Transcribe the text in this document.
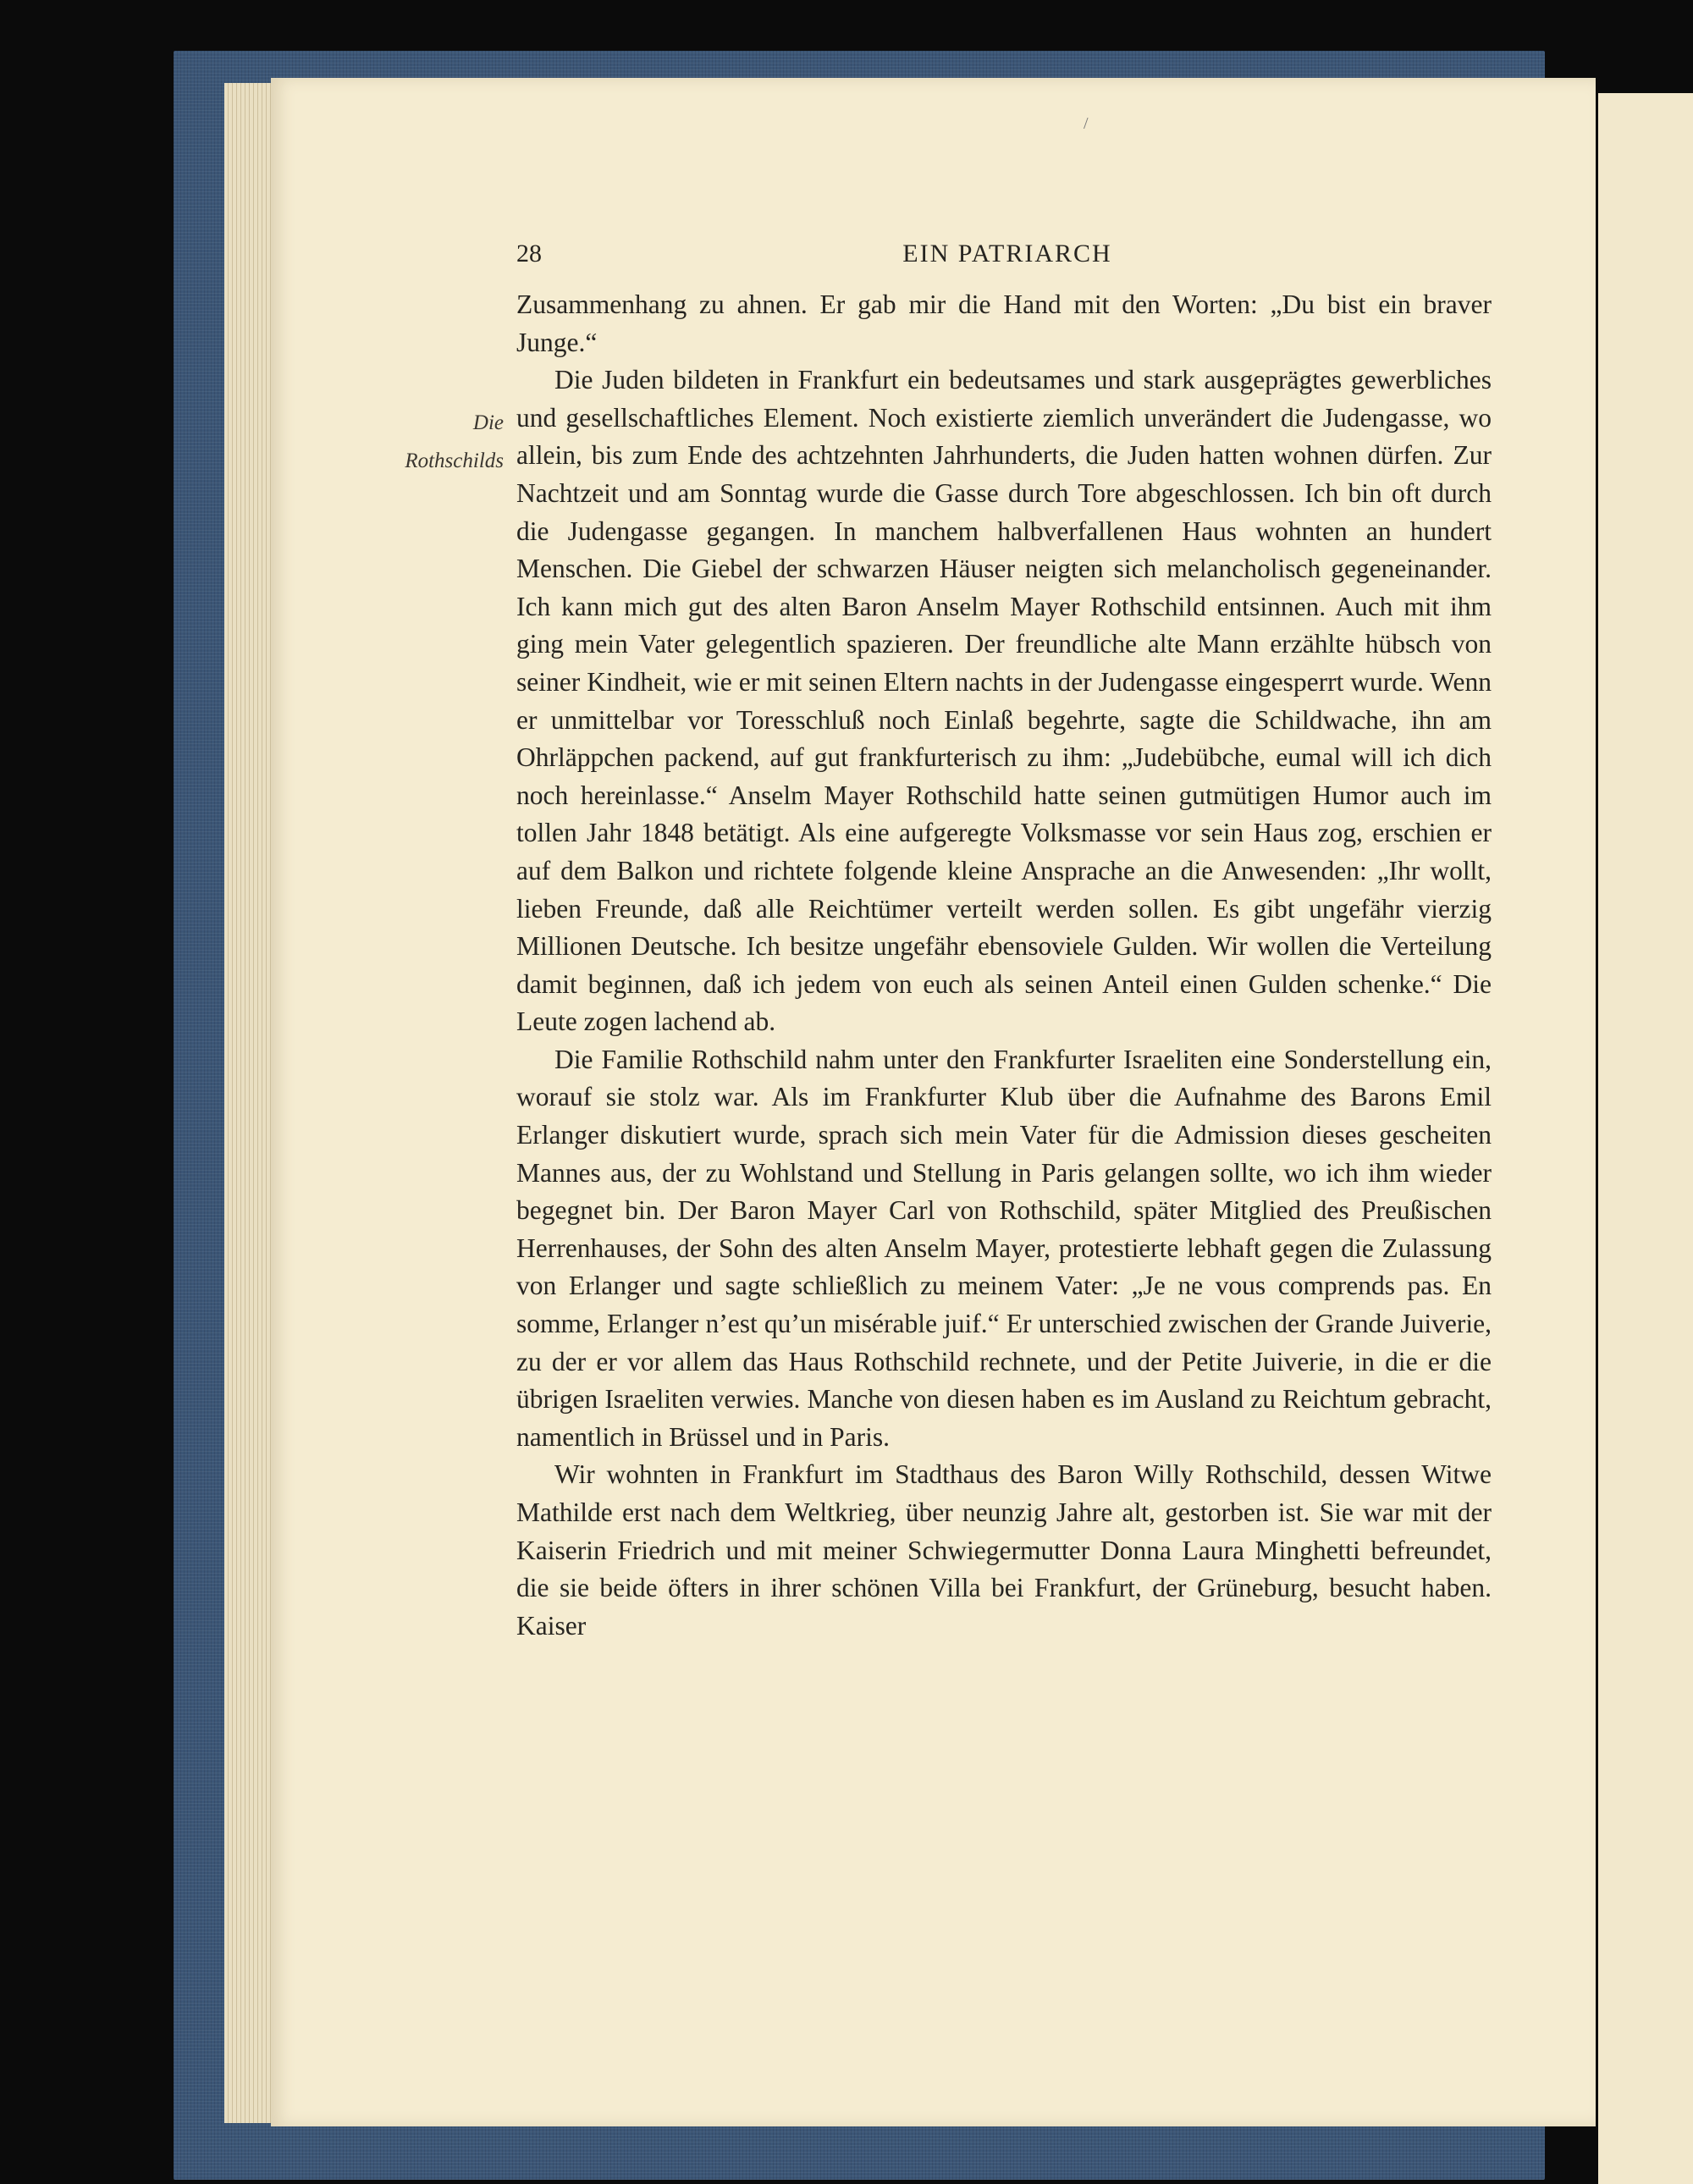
/
28	EIN PATRIARCH
Die
Rothschilds

Zusammenhang zu ahnen. Er gab mir die Hand mit den Worten: „Du bist ein braver Junge.“

Die Juden bildeten in Frankfurt ein bedeutsames und stark ausgeprägtes gewerbliches und gesellschaftliches Element. Noch existierte ziemlich unverändert die Judengasse, wo allein, bis zum Ende des achtzehnten Jahrhunderts, die Juden hatten wohnen dürfen. Zur Nachtzeit und am Sonntag wurde die Gasse durch Tore abgeschlossen. Ich bin oft durch die Judengasse gegangen. In manchem halbverfallenen Haus wohnten an hundert Menschen. Die Giebel der schwarzen Häuser neigten sich melancholisch gegeneinander. Ich kann mich gut des alten Baron Anselm Mayer Rothschild entsinnen. Auch mit ihm ging mein Vater gelegentlich spazieren. Der freundliche alte Mann erzählte hübsch von seiner Kindheit, wie er mit seinen Eltern nachts in der Judengasse eingesperrt wurde. Wenn er unmittelbar vor Toresschluß noch Einlaß begehrte, sagte die Schildwache, ihn am Ohrläppchen packend, auf gut frankfurterisch zu ihm: „Judebübche, eumal will ich dich noch hereinlasse.“ Anselm Mayer Rothschild hatte seinen gutmütigen Humor auch im tollen Jahr 1848 betätigt. Als eine aufgeregte Volksmasse vor sein Haus zog, erschien er auf dem Balkon und richtete folgende kleine Ansprache an die Anwesenden: „Ihr wollt, lieben Freunde, daß alle Reichtümer verteilt werden sollen. Es gibt ungefähr vierzig Millionen Deutsche. Ich besitze ungefähr ebensoviele Gulden. Wir wollen die Verteilung damit beginnen, daß ich jedem von euch als seinen Anteil einen Gulden schenke.“ Die Leute zogen lachend ab.

Die Familie Rothschild nahm unter den Frankfurter Israeliten eine Sonderstellung ein, worauf sie stolz war. Als im Frankfurter Klub über die Aufnahme des Barons Emil Erlanger diskutiert wurde, sprach sich mein Vater für die Admission dieses gescheiten Mannes aus, der zu Wohlstand und Stellung in Paris gelangen sollte, wo ich ihm wieder begegnet bin. Der Baron Mayer Carl von Rothschild, später Mitglied des Preußischen Herrenhauses, der Sohn des alten Anselm Mayer, protestierte lebhaft gegen die Zulassung von Erlanger und sagte schließlich zu meinem Vater: „Je ne vous comprends pas. En somme, Erlanger n’est qu’un misérable juif.“ Er unterschied zwischen der Grande Juiverie, zu der er vor allem das Haus Rothschild rechnete, und der Petite Juiverie, in die er die übrigen Israeliten verwies. Manche von diesen haben es im Ausland zu Reichtum gebracht, namentlich in Brüssel und in Paris.

Wir wohnten in Frankfurt im Stadthaus des Baron Willy Rothschild, dessen Witwe Mathilde erst nach dem Weltkrieg, über neunzig Jahre alt, gestorben ist. Sie war mit der Kaiserin Friedrich und mit meiner Schwiegermutter Donna Laura Minghetti befreundet, die sie beide öfters in ihrer schönen Villa bei Frankfurt, der Grüneburg, besucht haben. Kaiser
